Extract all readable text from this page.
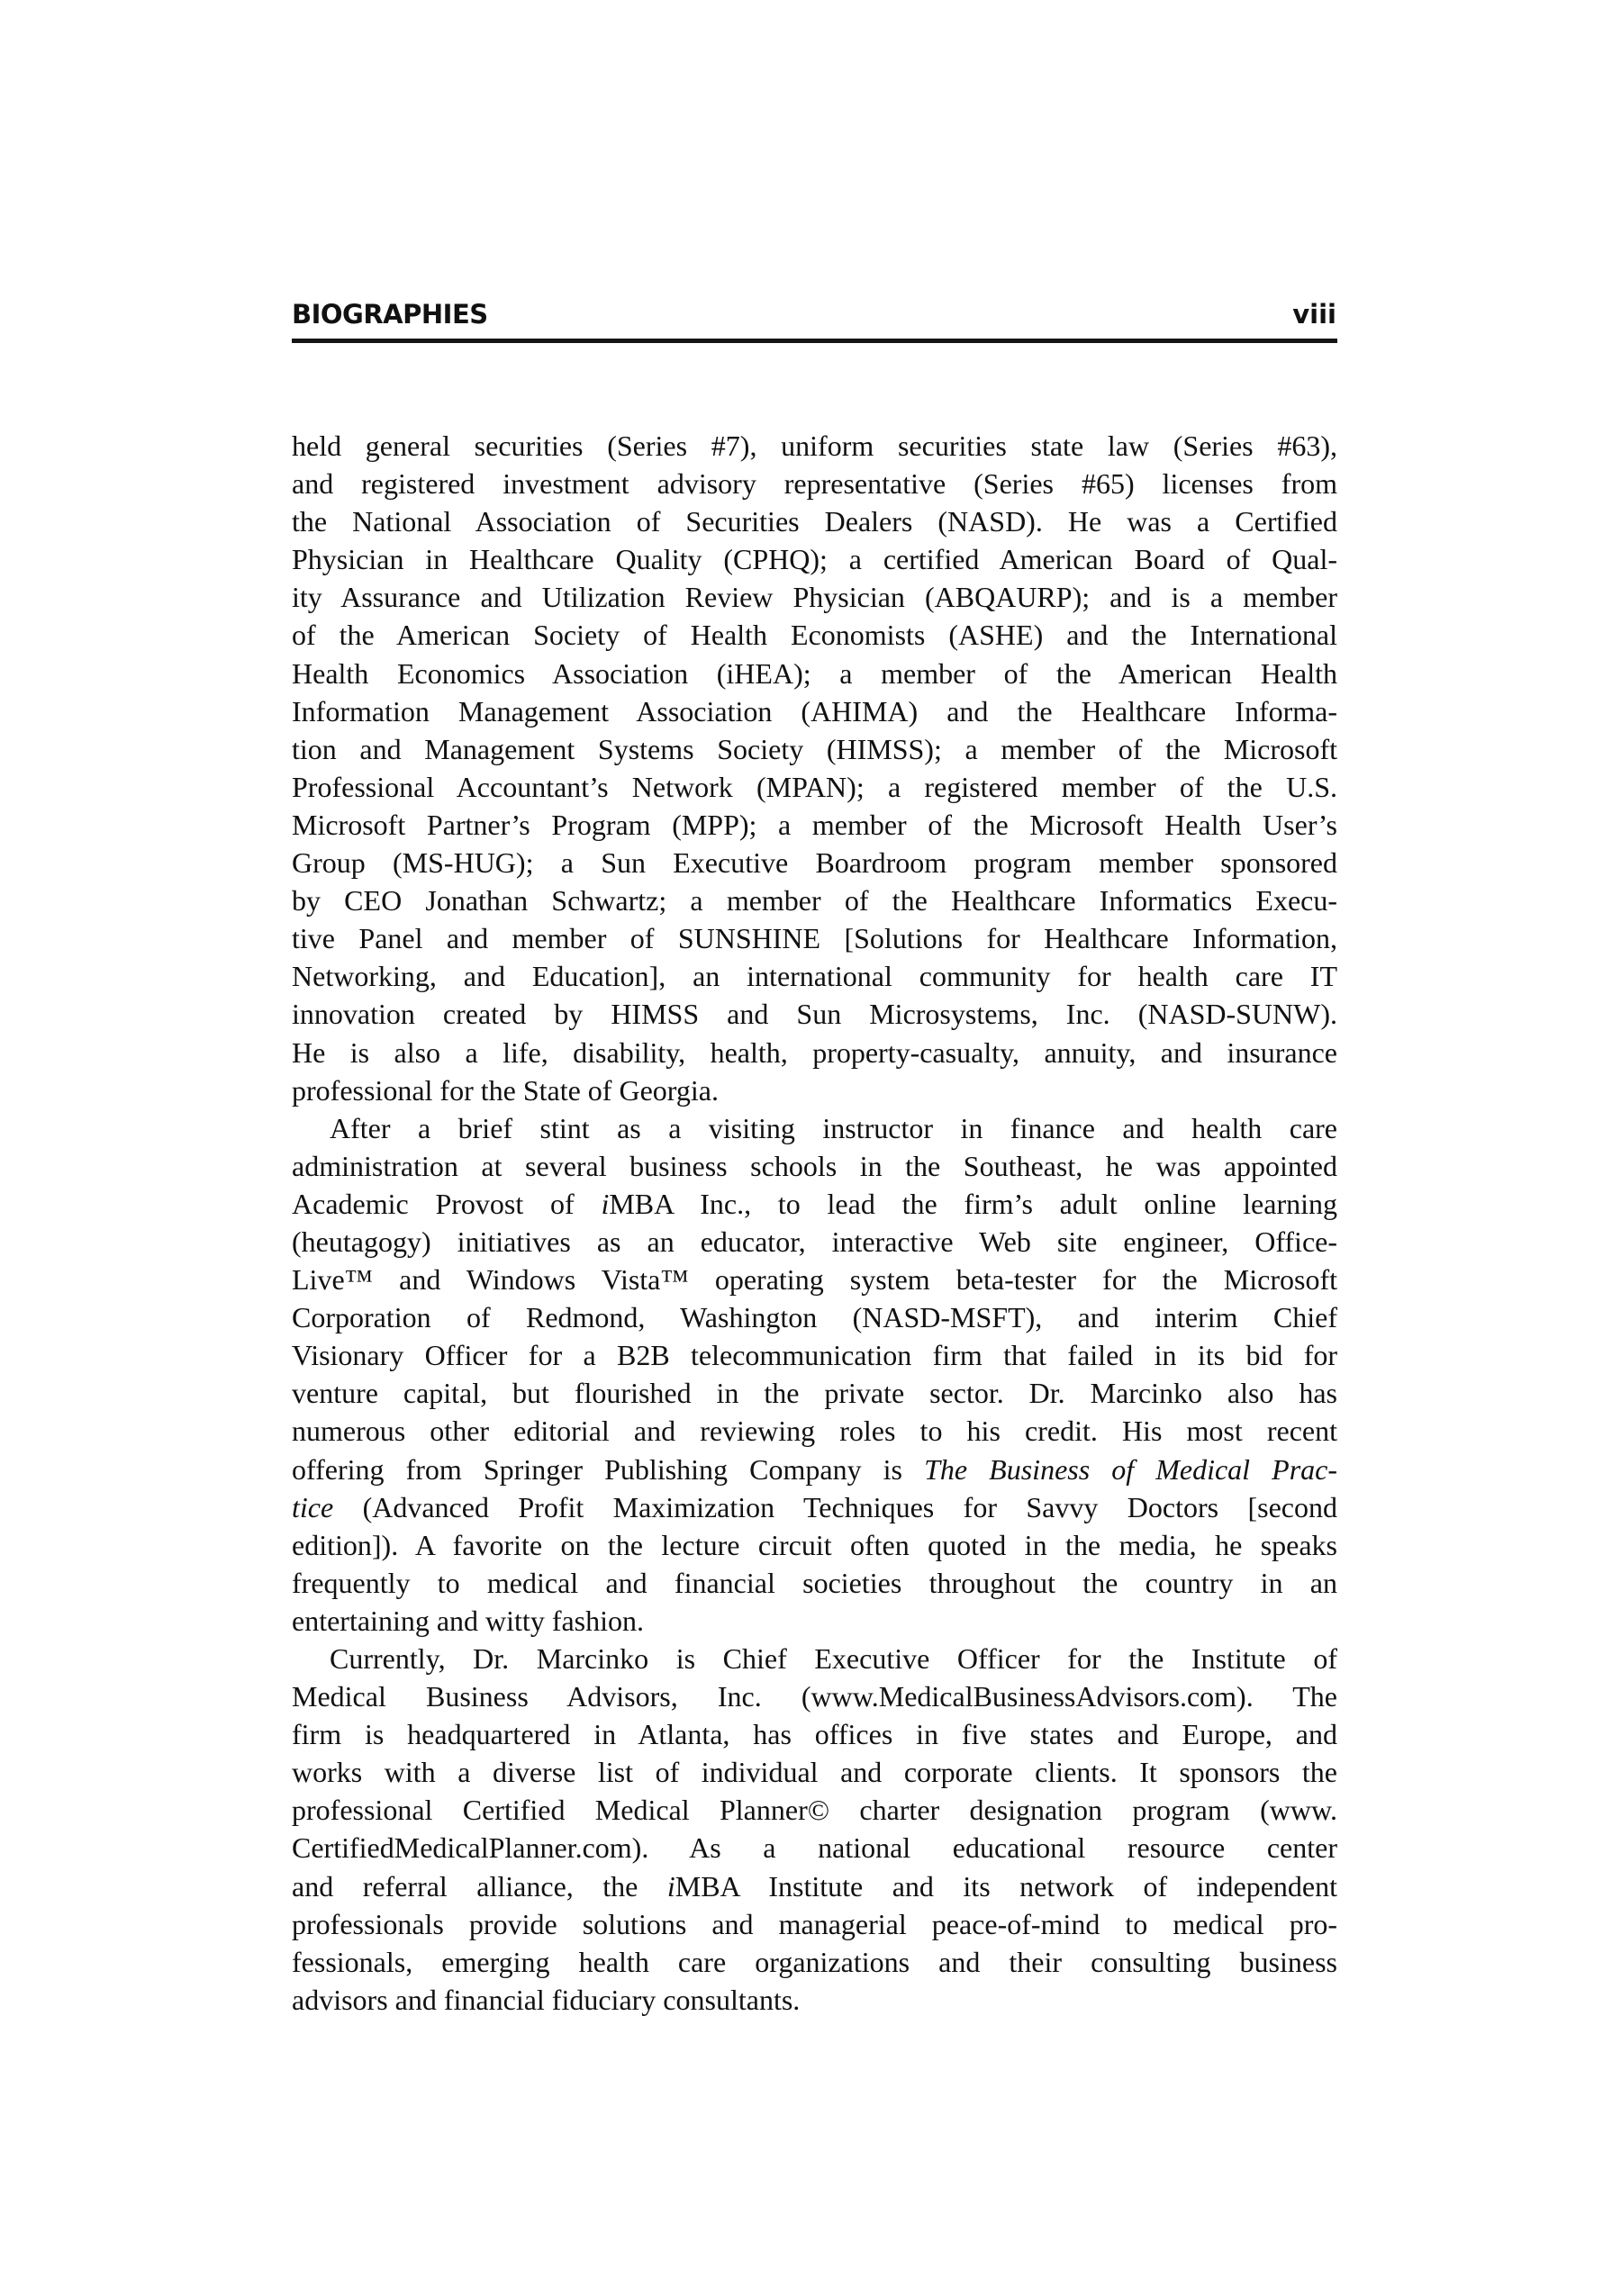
BIOGRAPHIES	viii
held general securities (Series #7), uniform securities state law (Series #63),
and registered investment advisory representative (Series #65) licenses from
the National Association of Securities Dealers (NASD). He was a Certified
Physician in Healthcare Quality (CPHQ); a certified American Board of Qual-
ity Assurance and Utilization Review Physician (ABQAURP); and is a member
of the American Society of Health Economists (ASHE) and the International
Health Economics Association (iHEA); a member of the American Health
Information Management Association (AHIMA) and the Healthcare Informa-
tion and Management Systems Society (HIMSS); a member of the Microsoft
Professional Accountant’s Network (MPAN); a registered member of the U.S.
Microsoft Partner’s Program (MPP); a member of the Microsoft Health User’s
Group (MS-HUG); a Sun Executive Boardroom program member sponsored
by CEO Jonathan Schwartz; a member of the Healthcare Informatics Execu-
tive Panel and member of SUNSHINE [Solutions for Healthcare Information,
Networking, and Education], an international community for health care IT
innovation created by HIMSS and Sun Microsystems, Inc. (NASD-SUNW).
He is also a life, disability, health, property-casualty, annuity, and insurance
professional for the State of Georgia.
After a brief stint as a visiting instructor in finance and health care
administration at several business schools in the Southeast, he was appointed
Academic Provost of iMBA Inc., to lead the firm’s adult online learning
(heutagogy) initiatives as an educator, interactive Web site engineer, Office-
Live™ and Windows Vista™ operating system beta-tester for the Microsoft
Corporation of Redmond, Washington (NASD-MSFT), and interim Chief
Visionary Officer for a B2B telecommunication firm that failed in its bid for
venture capital, but flourished in the private sector. Dr. Marcinko also has
numerous other editorial and reviewing roles to his credit. His most recent
offering from Springer Publishing Company is The Business of Medical Prac-
tice (Advanced Profit Maximization Techniques for Savvy Doctors [second
edition]). A favorite on the lecture circuit often quoted in the media, he speaks
frequently to medical and financial societies throughout the country in an
entertaining and witty fashion.
Currently, Dr. Marcinko is Chief Executive Officer for the Institute of
Medical Business Advisors, Inc. (www.MedicalBusinessAdvisors.com). The
firm is headquartered in Atlanta, has offices in five states and Europe, and
works with a diverse list of individual and corporate clients. It sponsors the
professional Certified Medical Planner© charter designation program (www.
CertifiedMedicalPlanner.com). As a national educational resource center
and referral alliance, the iMBA Institute and its network of independent
professionals provide solutions and managerial peace-of-mind to medical pro-
fessionals, emerging health care organizations and their consulting business
advisors and financial fiduciary consultants.
